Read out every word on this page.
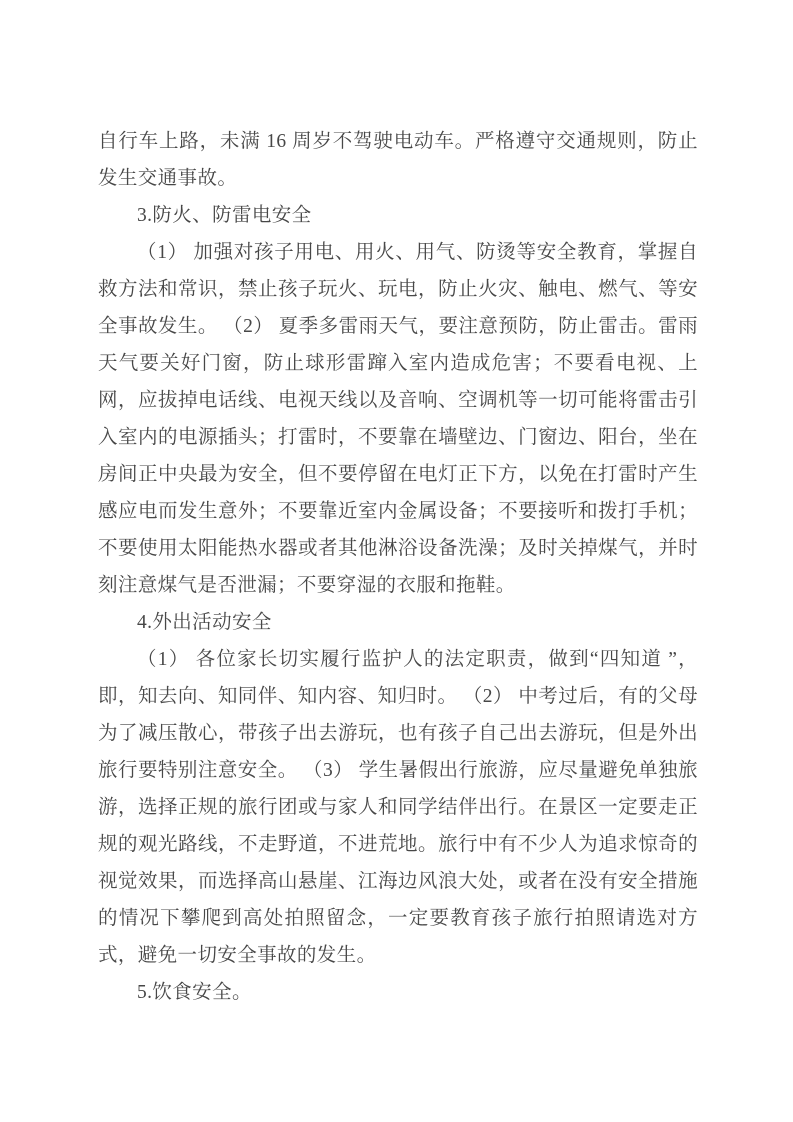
自行车上路，未满 16 周岁不驾驶电动车。严格遵守交通规则，防止发生交通事故。

3.防火、防雷电安全

（1） 加强对孩子用电、用火、用气、防烫等安全教育，掌握自救方法和常识，禁止孩子玩火、玩电，防止火灾、触电、燃气、等安全事故发生。 （2） 夏季多雷雨天气，要注意预防，防止雷击。雷雨天气要关好门窗，防止球形雷蹿入室内造成危害；不要看电视、上网，应拔掉电话线、电视天线以及音响、空调机等一切可能将雷击引入室内的电源插头；打雷时，不要靠在墙壁边、门窗边、阳台，坐在房间正中央最为安全，但不要停留在电灯正下方，以免在打雷时产生感应电而发生意外；不要靠近室内金属设备；不要接听和拨打手机；不要使用太阳能热水器或者其他淋浴设备洗澡；及时关掉煤气，并时刻注意煤气是否泄漏；不要穿湿的衣服和拖鞋。

4.外出活动安全

（1） 各位家长切实履行监护人的法定职责，做到“四知道 ”，即，知去向、知同伴、知内容、知归时。 （2） 中考过后，有的父母为了减压散心，带孩子出去游玩，也有孩子自己出去游玩，但是外出旅行要特别注意安全。 （3） 学生暑假出行旅游，应尽量避免单独旅游，选择正规的旅行团或与家人和同学结伴出行。在景区一定要走正规的观光路线，不走野道，不进荒地。旅行中有不少人为追求惊奇的视觉效果，而选择高山悬崖、江海边风浪大处，或者在没有安全措施的情况下攀爬到高处拍照留念，一定要教育孩子旅行拍照请选对方式，避免一切安全事故的发生。

5.饮食安全。
